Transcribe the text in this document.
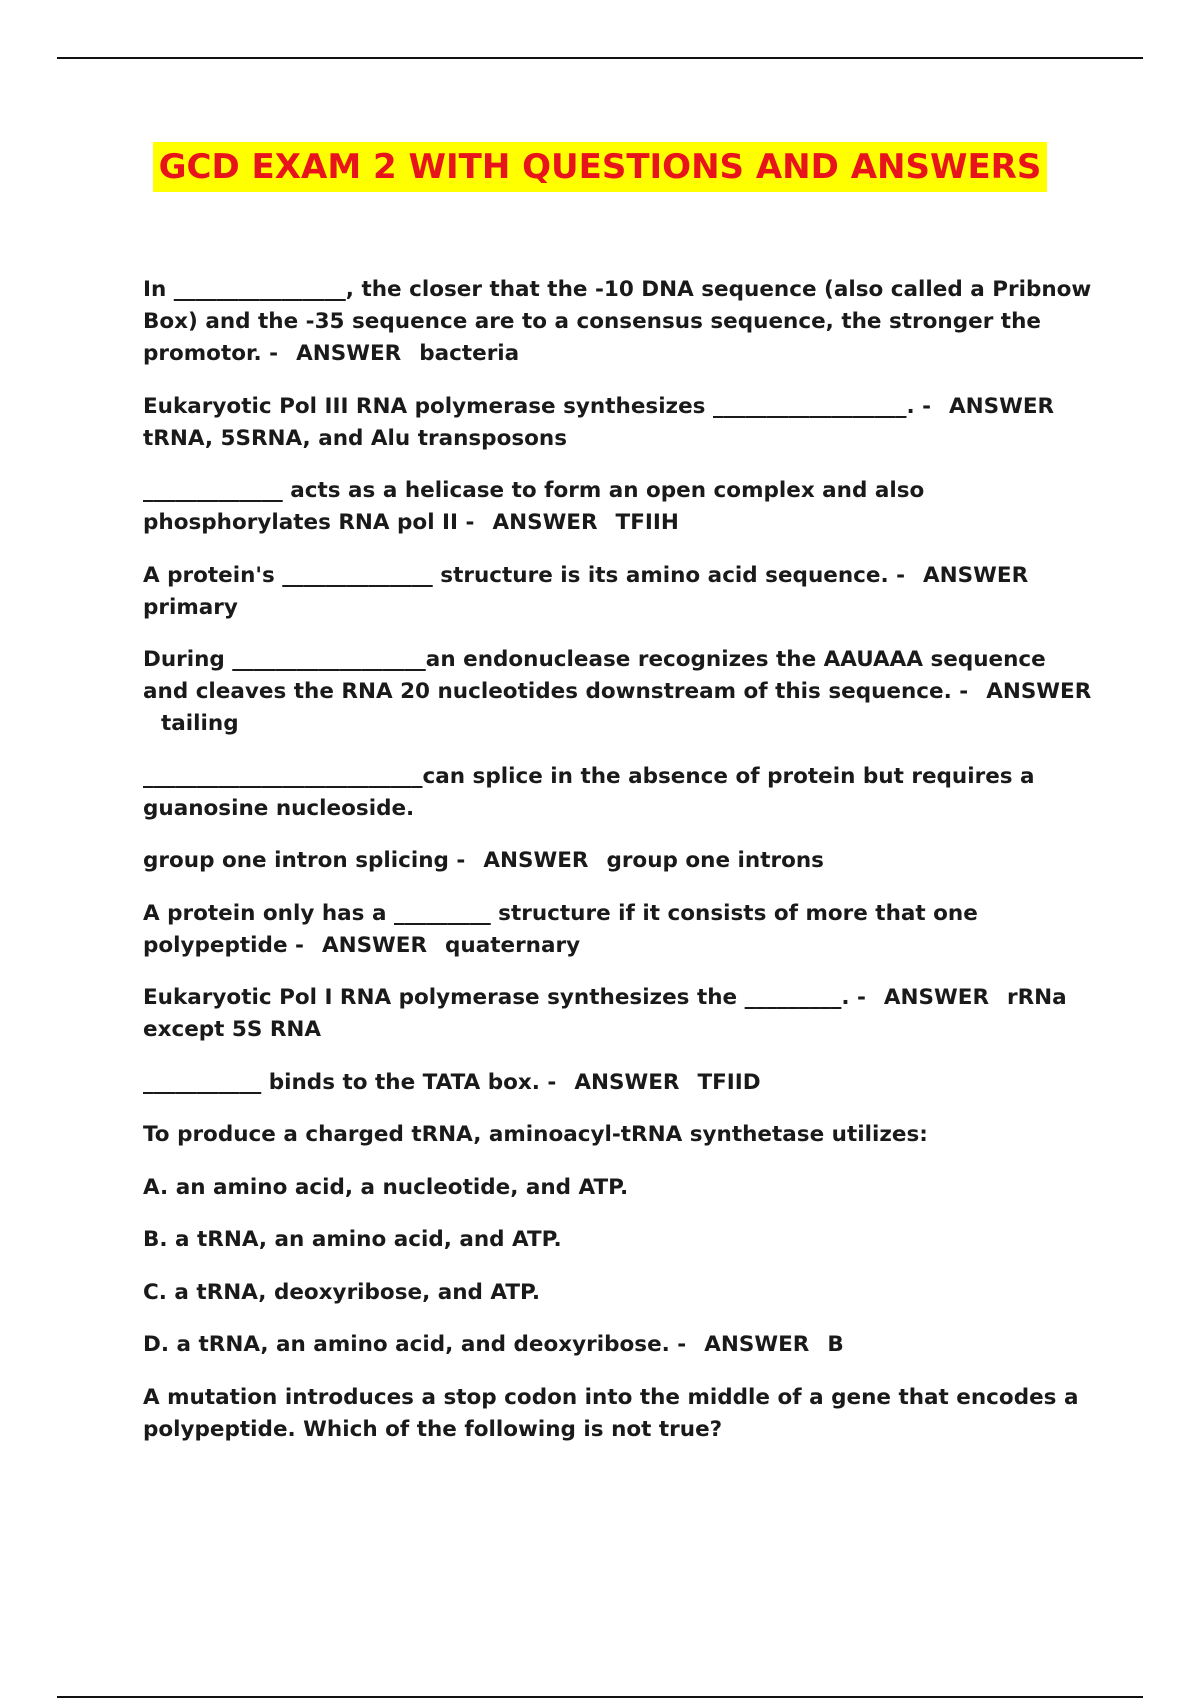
GCD EXAM 2 WITH QUESTIONS AND ANSWERS

In ________________, the closer that the -10 DNA sequence (also called a Pribnow Box) and the -35 sequence are to a consensus sequence, the stronger the promotor. - ANSWER bacteria

Eukaryotic Pol III RNA polymerase synthesizes __________________. - ANSWERtRNA, 5SRNA, and Alu transposons

_____________ acts as a helicase to form an open complex and also phosphorylates RNA pol II - ANSWER TFIIH

A protein's ______________ structure is its amino acid sequence. - ANSWERprimary

During __________________an endonuclease recognizes the AAUAAA sequence and cleaves the RNA 20 nucleotides downstream of this sequence. - ANSWERtailing

__________________________can splice in the absence of protein but requires a guanosine nucleoside.

group one intron splicing - ANSWER group one introns

A protein only has a _________ structure if it consists of more that one polypeptide - ANSWER quaternary

Eukaryotic Pol I RNA polymerase synthesizes the _________. - ANSWER rRNa except 5S RNA

___________ binds to the TATA box. - ANSWER TFIID

To produce a charged tRNA, aminoacyl-tRNA synthetase utilizes:

A. an amino acid, a nucleotide, and ATP.

B. a tRNA, an amino acid, and ATP.

C. a tRNA, deoxyribose, and ATP.

D. a tRNA, an amino acid, and deoxyribose. - ANSWER B

A mutation introduces a stop codon into the middle of a gene that encodes a polypeptide. Which of the following is not true?
